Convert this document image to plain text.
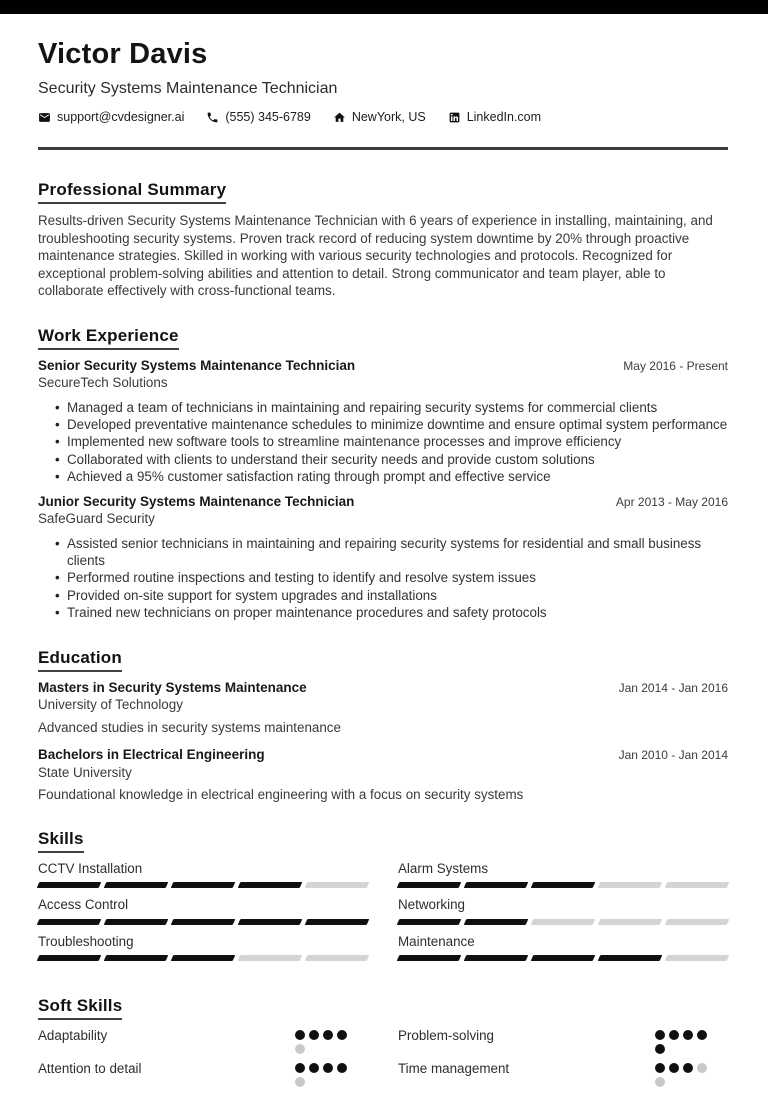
Victor Davis
Security Systems Maintenance Technician
support@cvdesigner.ai	(555) 345-6789	NewYork, US	LinkedIn.com
Professional Summary

Results-driven Security Systems Maintenance Technician with 6 years of experience in installing, maintaining, and troubleshooting security systems. Proven track record of reducing system downtime by 20% through proactive maintenance strategies. Skilled in working with various security technologies and protocols. Recognized for exceptional problem-solving abilities and attention to detail. Strong communicator and team player, able to collaborate effectively with cross-functional teams.

Work Experience
Senior Security Systems Maintenance Technician	May 2016 - Present
SecureTech Solutions
• Managed a team of technicians in maintaining and repairing security systems for commercial clients
• Developed preventative maintenance schedules to minimize downtime and ensure optimal system performance
• Implemented new software tools to streamline maintenance processes and improve efficiency
• Collaborated with clients to understand their security needs and provide custom solutions
• Achieved a 95% customer satisfaction rating through prompt and effective service
Junior Security Systems Maintenance Technician	Apr 2013 - May 2016
SafeGuard Security
• Assisted senior technicians in maintaining and repairing security systems for residential and small business clients
• Performed routine inspections and testing to identify and resolve system issues
• Provided on-site support for system upgrades and installations
• Trained new technicians on proper maintenance procedures and safety protocols
Education
Masters in Security Systems Maintenance	Jan 2014 - Jan 2016
University of Technology
Advanced studies in security systems maintenance
Bachelors in Electrical Engineering	Jan 2010 - Jan 2014
State University
Foundational knowledge in electrical engineering with a focus on security systems
Skills
CCTV Installation	Alarm Systems
Access Control	Networking
Troubleshooting	Maintenance
Soft Skills
Adaptability	Problem-solving
Attention to detail	Time management
